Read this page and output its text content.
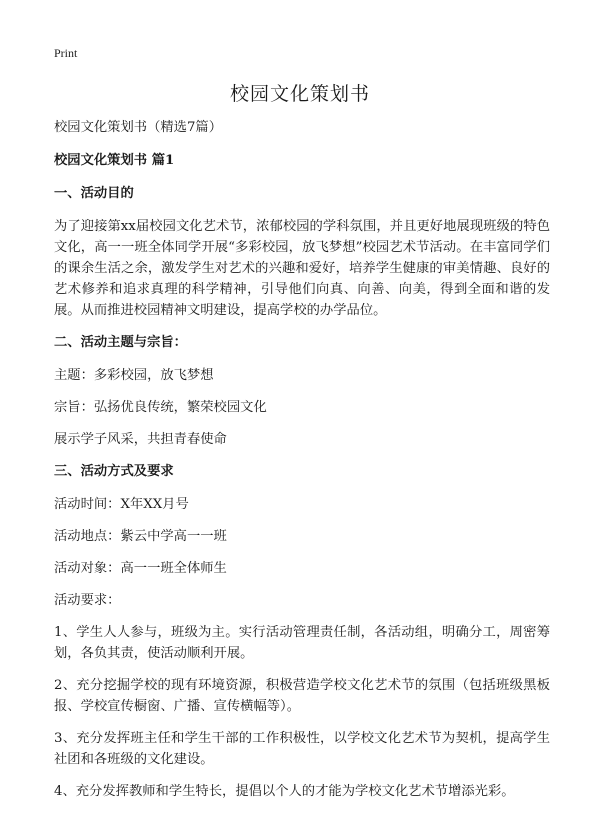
Print
校园文化策划书

校园文化策划书（精选7篇）

校园文化策划书 篇1

一、活动目的

为了迎接第xx届校园文化艺术节，浓郁校园的学科氛围，并且更好地展现班级的特色文化，高一一班全体同学开展“多彩校园，放飞梦想”校园艺术节活动。在丰富同学们的课余生活之余，激发学生对艺术的兴趣和爱好，培养学生健康的审美情趣、良好的艺术修养和追求真理的科学精神，引导他们向真、向善、向美，得到全面和谐的发展。从而推进校园精神文明建设，提高学校的办学品位。

二、活动主题与宗旨：

主题：多彩校园，放飞梦想

宗旨：弘扬优良传统，繁荣校园文化

展示学子风采，共担青春使命

三、活动方式及要求

活动时间：X年XX月号

活动地点：紫云中学高一一班

活动对象：高一一班全体师生

活动要求：

1、学生人人参与，班级为主。实行活动管理责任制，各活动组，明确分工，周密筹划，各负其责，使活动顺利开展。

2、充分挖掘学校的现有环境资源，积极营造学校文化艺术节的氛围（包括班级黑板报、学校宣传橱窗、广播、宣传横幅等）。

3、充分发挥班主任和学生干部的工作积极性，以学校文化艺术节为契机，提高学生社团和各班级的文化建设。

4、充分发挥教师和学生特长，提倡以个人的才能为学校文化艺术节增添光彩。
